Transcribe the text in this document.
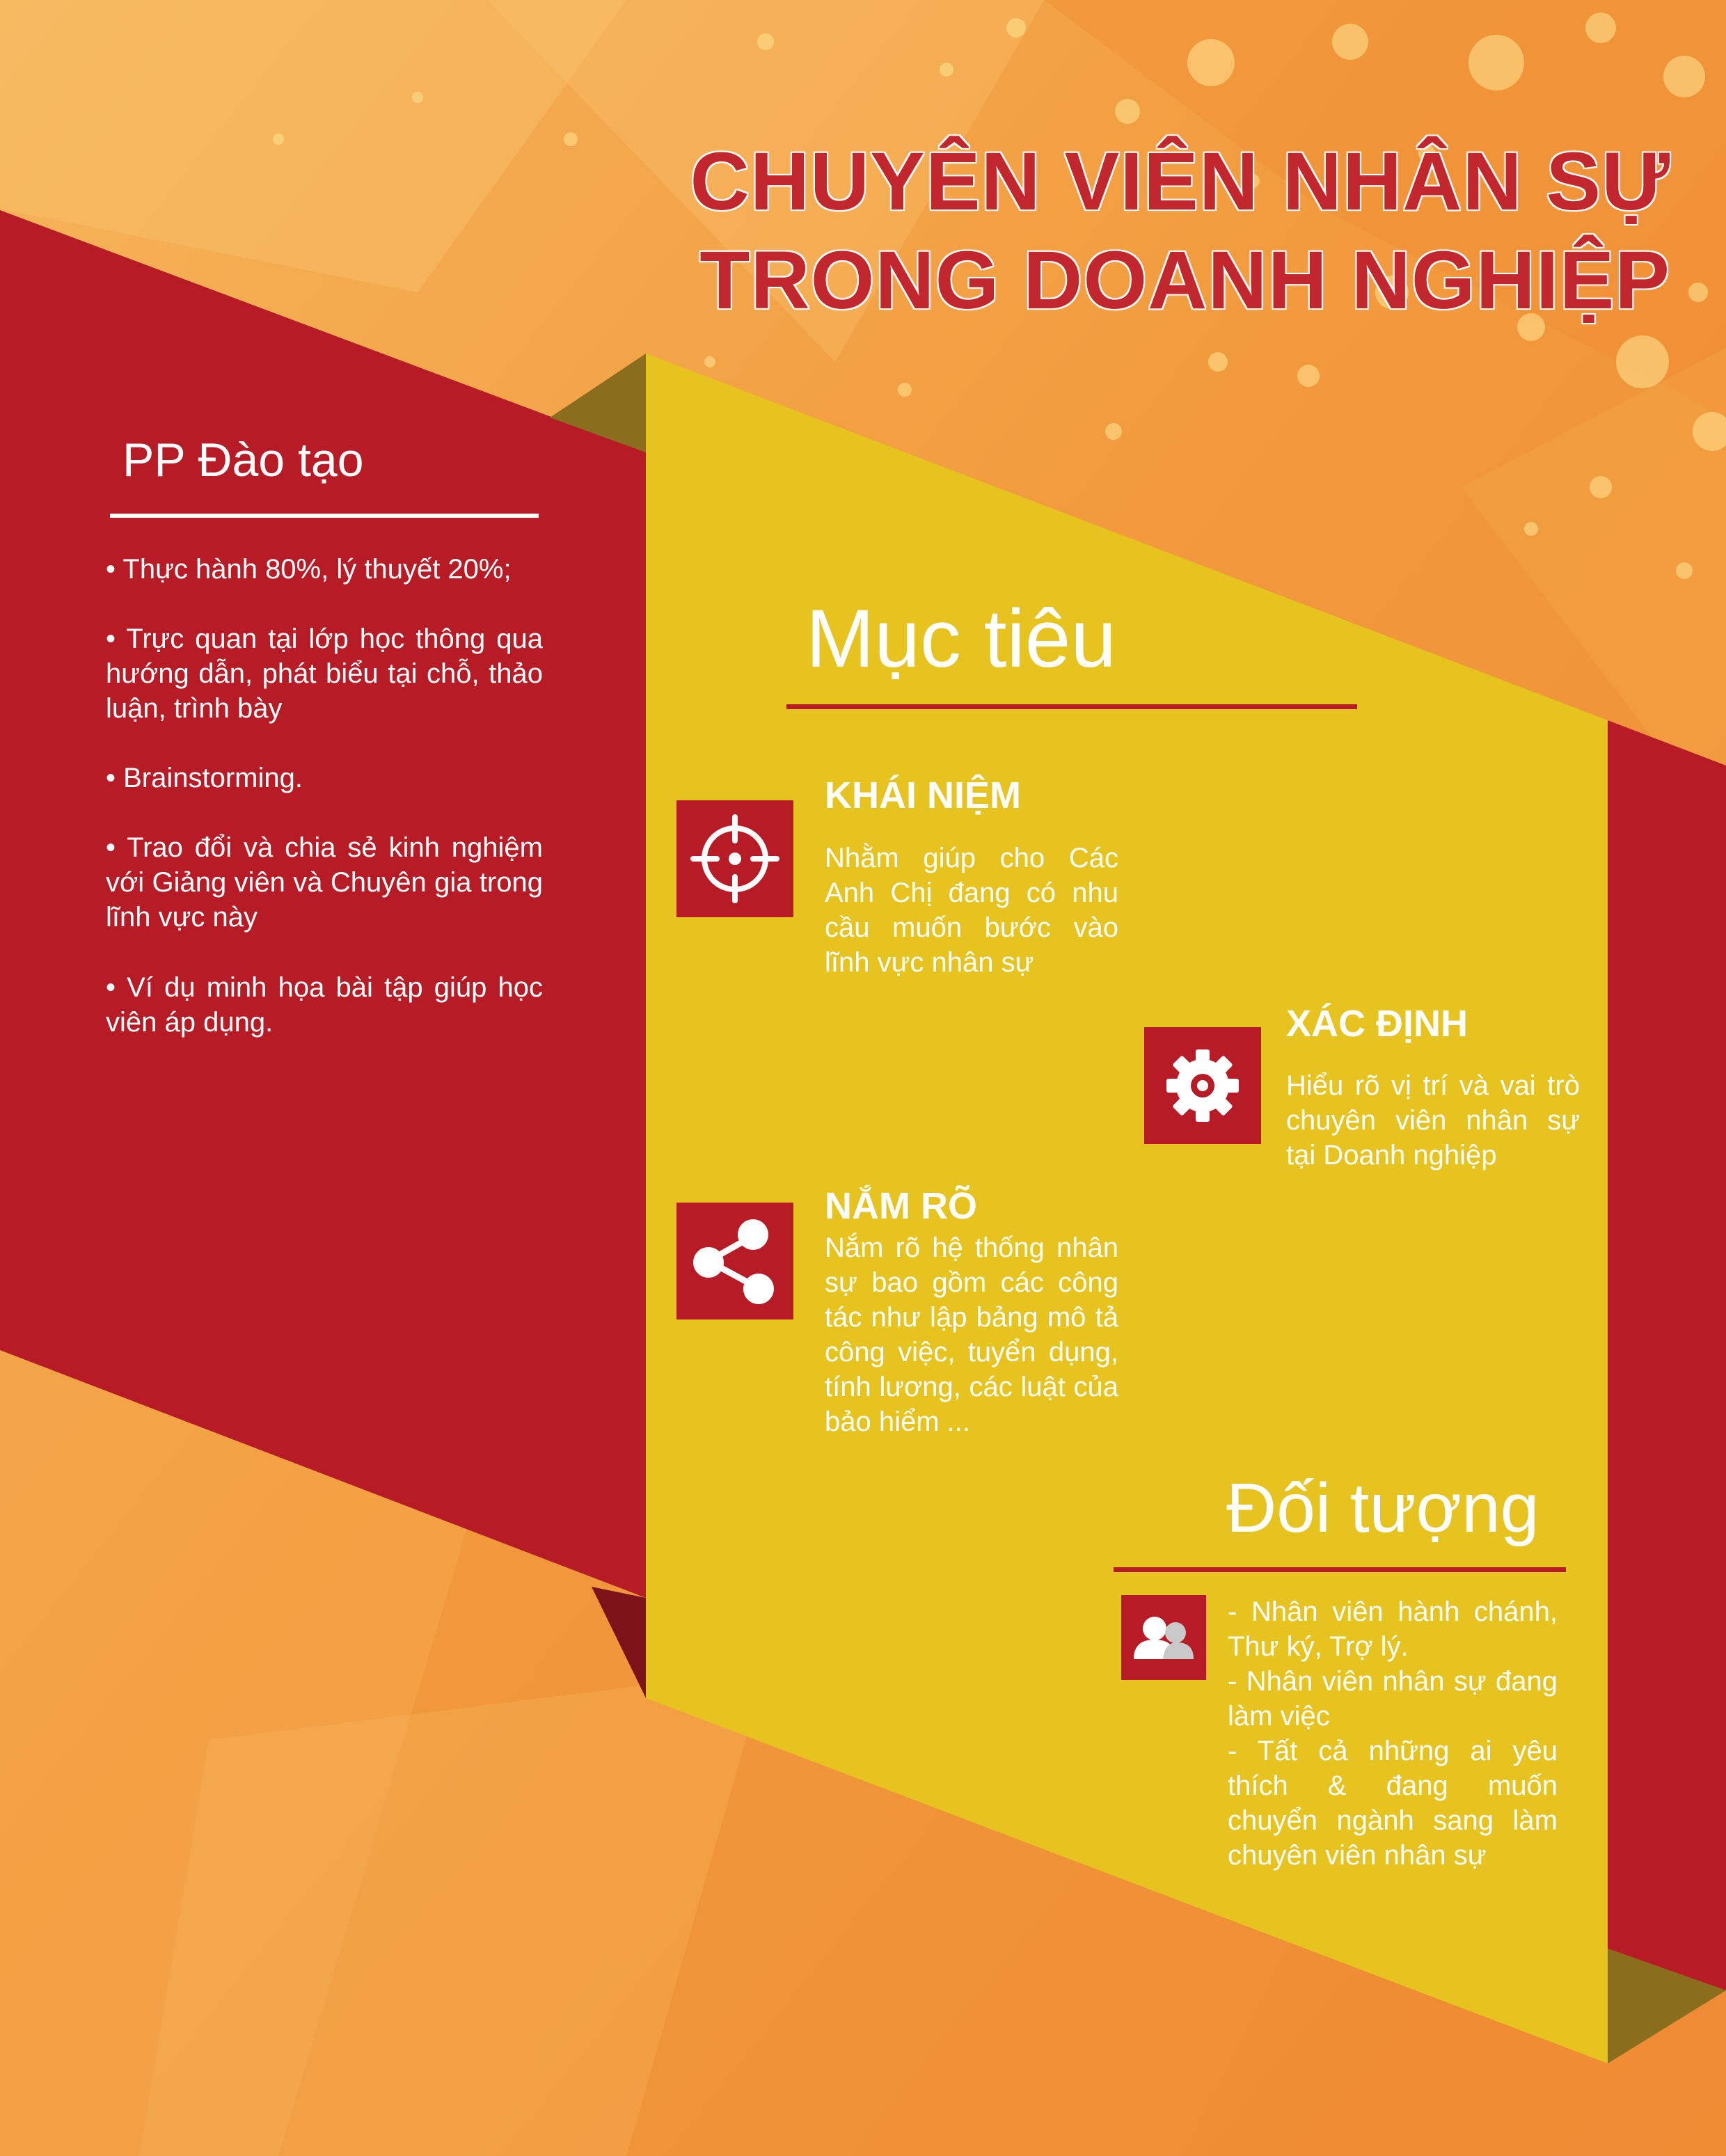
CHUYÊN VIÊN NHÂN SỰ
TRONG DOANH NGHIỆP
PP Đào tạo
• Thực hành 80%, lý thuyết 20%;
• Trực quan tại lớp học thông qua hướng dẫn, phát biểu tại chỗ, thảo luận, trình bày
• Brainstorming.
• Trao đổi và chia sẻ kinh nghiệm với Giảng viên và Chuyên gia trong lĩnh vực này
• Ví dụ minh họa bài tập giúp học viên áp dụng.
Mục tiêu
KHÁI NIỆM
Nhằm giúp cho Các Anh Chị đang có nhu cầu muốn bước vào lĩnh vực nhân sự
XÁC ĐỊNH
Hiểu rõ vị trí và vai trò chuyên viên nhân sự tại Doanh nghiệp
NẮM RÕ
Nắm rõ hệ thống nhân sự bao gồm các công tác như lập bảng mô tả công việc, tuyển dụng, tính lương, các luật của bảo hiểm ...
Đối tượng
- Nhân viên hành chánh, Thư ký, Trợ lý.
- Nhân viên nhân sự đang làm việc
- Tất cả những ai yêu thích & đang muốn chuyển ngành sang làm chuyên viên nhân sự
